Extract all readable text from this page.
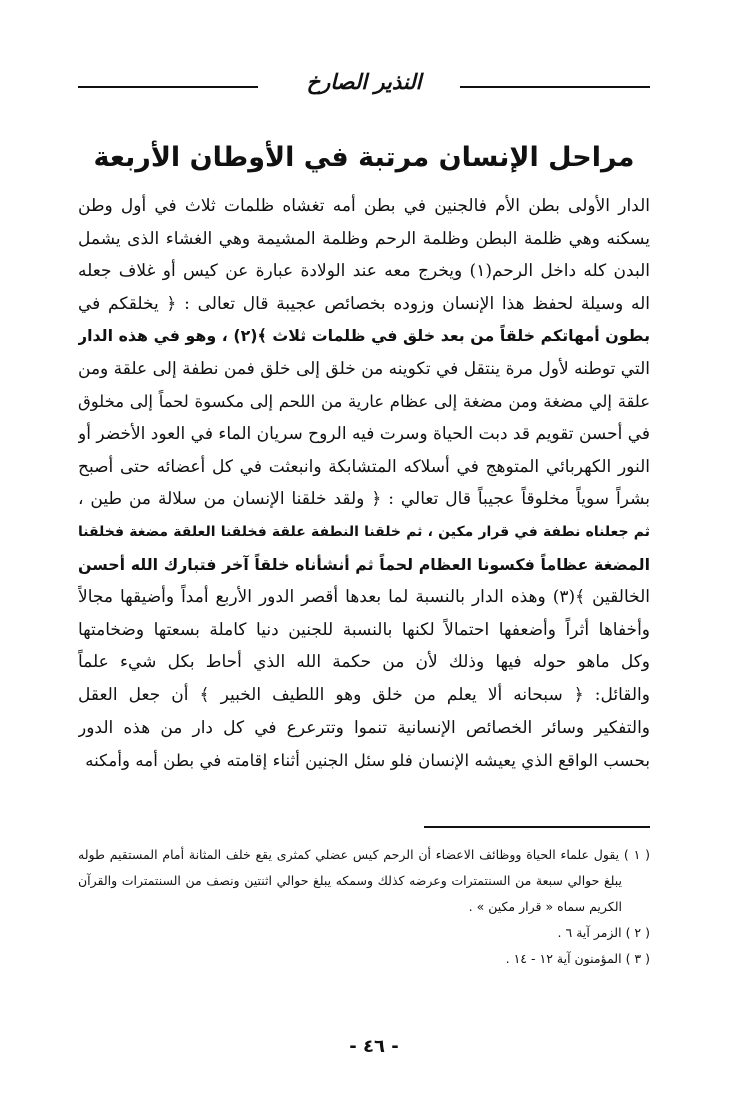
النذير الصارخ
مراحل الإنسان مرتبة في الأوطان الأربعة
الدار الأولى بطن الأم فالجنين في بطن أمه تغشاه ظلمات ثلاث في أول وطن
يسكنه وهي ظلمة البطن وظلمة الرحم وظلمة المشيمة وهي الغشاء الذى يشمل
البدن كله داخل الرحم(١) ويخرج معه عند الولادة عبارة عن كيس أو غلاف جعله
اله وسيلة لحفظ هذا الإنسان وزوده بخصائص عجيبة قال تعالى : ﴿ يخلقكم في
بطون أمهاتكم خلقاً من بعد خلق في ظلمات ثلاث ﴾(٢) ، وهو في هذه الدار
التي توطنه لأول مرة ينتقل في تكوينه من خلق إلى خلق فمن نطفة إلى علقة ومن
علقة إلي مضغة ومن مضغة إلى عظام عارية من اللحم إلى مكسوة لحماً إلى مخلوق
في أحسن تقويم قد دبت الحياة وسرت فيه الروح سريان الماء في العود الأخضر أو
النور الكهربائي المتوهج في أسلاكه المتشابكة وانبعثت في كل أعضائه حتى أصبح
بشراً سوياً مخلوقاً عجيباً قال تعالي : ﴿ ولقد خلقنا الإنسان من سلالة من طين ،
ثم جعلناه نطفة في قرار مكين ، ثم خلقنا النطفة علقة فخلقنا العلقة مضغة فخلقنا
المضغة عظاماً فكسونا العظام لحماً ثم أنشأناه خلقاً آخر فتبارك الله أحسن
الخالقين ﴾(٣) وهذه الدار بالنسبة لما بعدها أقصر الدور الأربع أمداً وأضيقها مجالاً
وأخفاها أثراً وأضعفها احتمالاً لكنها بالنسبة للجنين دنيا كاملة بسعتها وضخامتها
وكل ماهو حوله فيها وذلك لأن من حكمة الله الذي أحاط بكل شيء علماً
والقائل: ﴿ سبحانه ألا يعلم من خلق وهو اللطيف الخبير ﴾ أن جعل العقل
والتفكير وسائر الخصائص الإنسانية تنموا وتترعرع في كل دار من هذه الدور
بحسب الواقع الذي يعيشه الإنسان فلو سئل الجنين أثناء إقامته في بطن أمه وأمكنه
( ١ ) يقول علماء الحياة ووظائف الاعضاء أن الرحم كيس عضلي كمثرى يقع خلف المثانة أمام المستقيم طوله
يبلغ حوالي سبعة من السنتمترات وعرضه كذلك وسمكه يبلغ حوالي اثنتين ونصف من السنتمترات والقرآن
الكريم سماه « قرار مكين » .
( ٢ ) الزمر آية ٦ .
( ٣ ) المؤمنون آية ١٢ - ١٤ .
- ٤٦ -
